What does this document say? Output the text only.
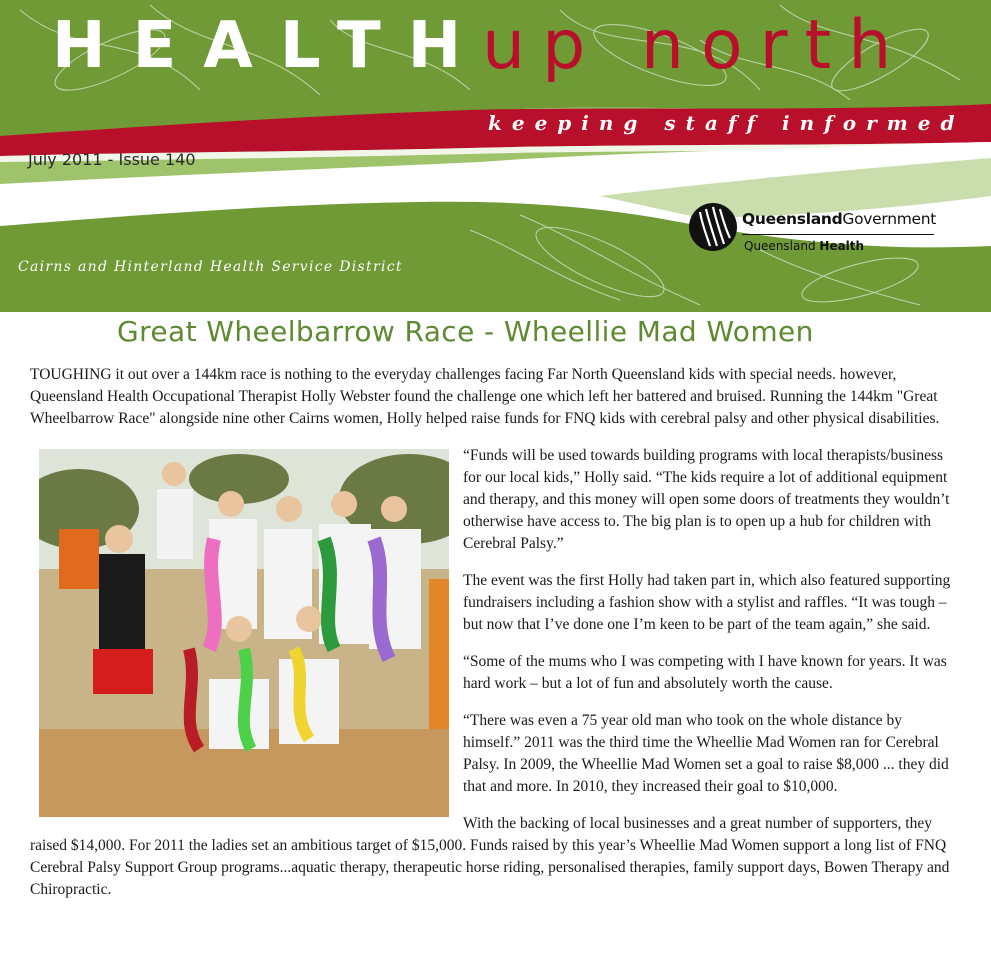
HEALTH
up north
keeping staff informed
July 2011 - Issue 140
Cairns and Hinterland Health Service District
QueenslandGovernment
Queensland Health
Great Wheelbarrow Race - Wheellie Mad Women

TOUGHING it out over a 144km race is nothing to the everyday challenges facing Far North Queensland kids with special needs. however, Queensland Health Occupational Therapist Holly Webster found the challenge one which left her battered and bruised. Running the 144km "Great Wheelbarrow Race" alongside nine other Cairns women, Holly helped raise funds for FNQ kids with cerebral palsy and other physical disabilities.

“Funds will be used towards building programs with local therapists/business for our local kids,” Holly said. “The kids require a lot of additional equipment and therapy, and this money will open some doors of treatments they wouldn’t otherwise have access to. The big plan is to open up a hub for children with Cerebral Palsy.”

The event was the first Holly had taken part in, which also featured supporting fundraisers including a fashion show with a stylist and raffles. “It was tough – but now that I’ve done one I’m keen to be part of the team again,” she said.

“Some of the mums who I was competing with I have known for years. It was hard work – but a lot of fun and absolutely worth the cause.

“There was even a 75 year old man who took on the whole distance by himself.” 2011 was the third time the Wheellie Mad Women ran for Cerebral Palsy. In 2009, the Wheellie Mad Women set a goal to raise $8,000 ... they did that and more. In 2010, they increased their goal to $10,000.

With the backing of local businesses and a great number of supporters, they raised $14,000. For 2011 the ladies set an ambitious target of $15,000. Funds raised by this year’s Wheellie Mad Women support a long list of FNQ Cerebral Palsy Support Group programs...aquatic therapy, therapeutic horse riding, personalised therapies, family support days, Bowen Therapy and Chiropractic.
